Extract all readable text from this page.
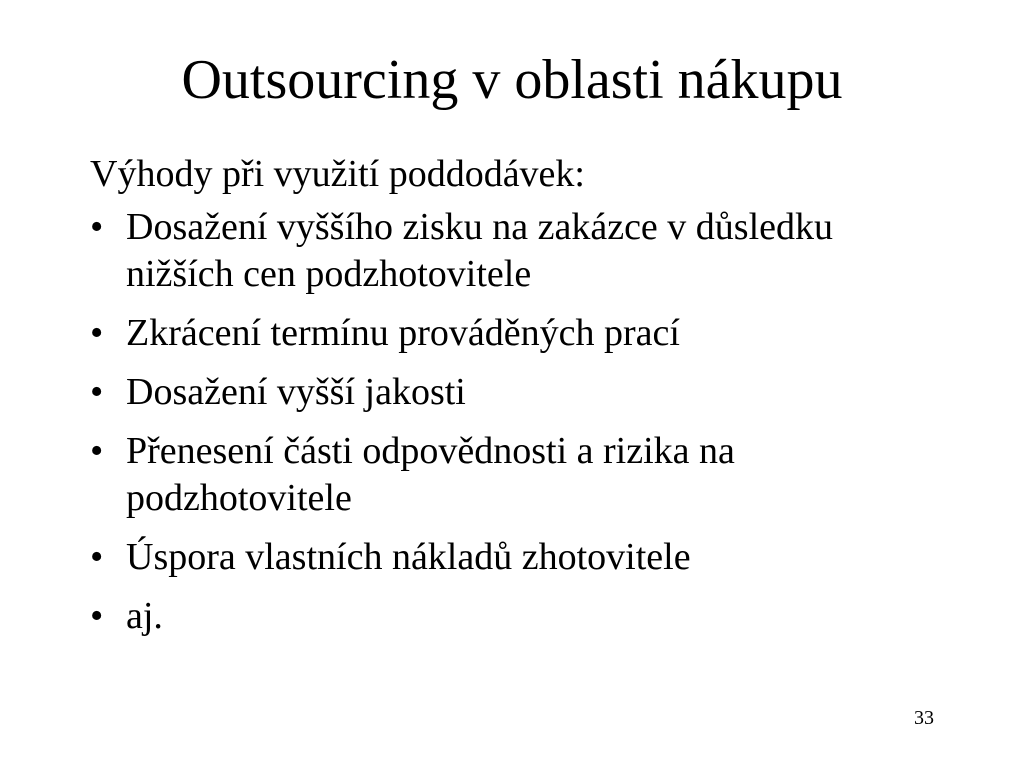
Outsourcing v oblasti nákupu

Výhody při využití poddodávek:

• Dosažení vyššího zisku na zakázce v důsledku nižších cen podzhotovitele
• Zkrácení termínu prováděných prací
• Dosažení vyšší jakosti
• Přenesení části odpovědnosti a rizika na podzhotovitele
• Úspora vlastních nákladů zhotovitele
• aj.
33
